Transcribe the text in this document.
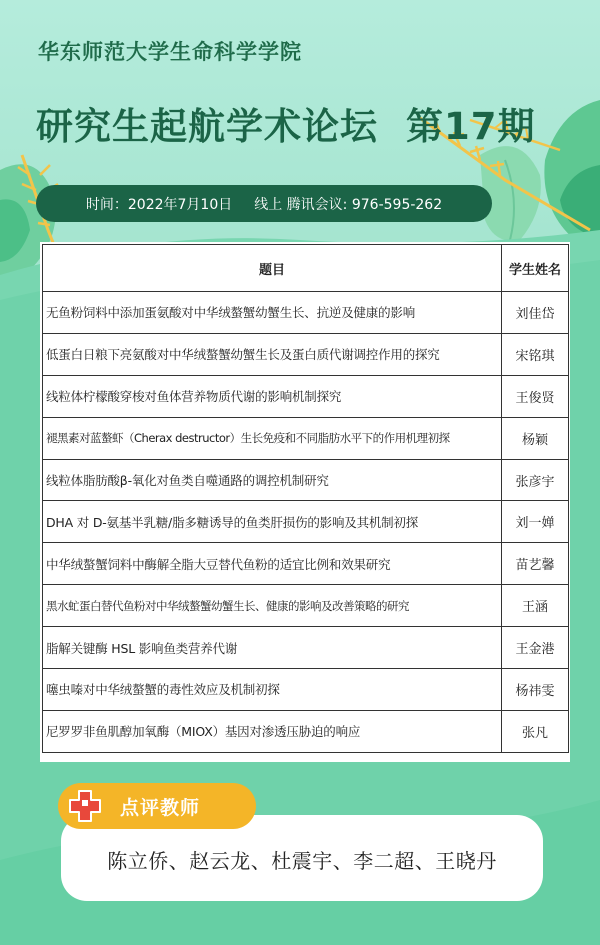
华东师范大学生命科学学院
研究生起航学术论坛 第17期
时间： 2022年7月10日 线上 腾讯会议: 976-595-262
题目	学生姓名
无鱼粉饲料中添加蛋氨酸对中华绒螯蟹幼蟹生长、抗逆及健康的影响	刘佳岱
低蛋白日粮下亮氨酸对中华绒螯蟹幼蟹生长及蛋白质代谢调控作用的探究	宋铭琪
线粒体柠檬酸穿梭对鱼体营养物质代谢的影响机制探究	王俊贤
褪黑素对蓝螯虾（Cherax destructor）生长免疫和不同脂肪水平下的作用机理初探	杨颖
线粒体脂肪酸β-氧化对鱼类自噬通路的调控机制研究	张彦宇
DHA 对 D-氨基半乳糖/脂多糖诱导的鱼类肝损伤的影响及其机制初探	刘一婵
中华绒螯蟹饲料中酶解全脂大豆替代鱼粉的适宜比例和效果研究	苗艺馨
黑水虻蛋白替代鱼粉对中华绒螯蟹幼蟹生长、健康的影响及改善策略的研究	王涵
脂解关键酶 HSL 影响鱼类营养代谢	王金港
噻虫嗪对中华绒螯蟹的毒性效应及机制初探	杨祎雯
尼罗罗非鱼肌醇加氧酶（MIOX）基因对渗透压胁迫的响应	张凡
陈立侨、赵云龙、杜震宇、李二超、王晓丹
点评教师
